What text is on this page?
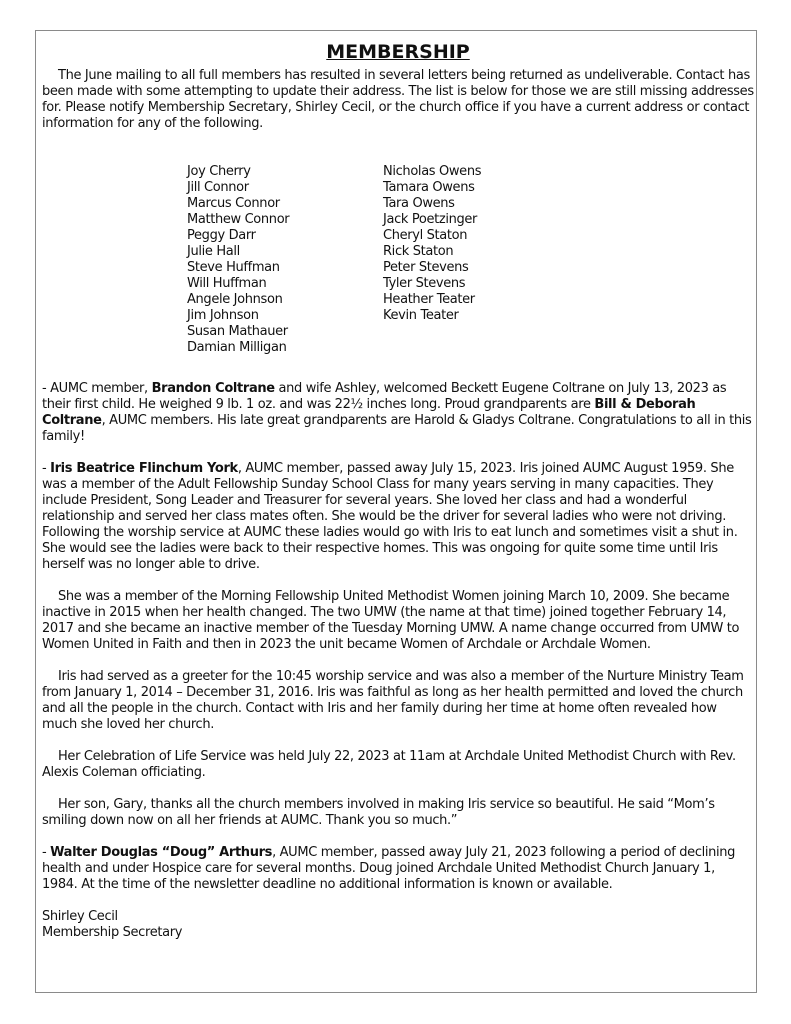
MEMBERSHIP

The June mailing to all full members has resulted in several letters being returned as undeliverable. Contact has been made with some attempting to update their address. The list is below for those we are still missing addresses for. Please notify Membership Secretary, Shirley Cecil, or the church office if you have a current address or contact information for any of the following.

Joy Cherry
Jill Connor
Marcus Connor
Matthew Connor
Peggy Darr
Julie Hall
Steve Huffman
Will Huffman
Angele Johnson
Jim Johnson
Susan Mathauer
Damian Milligan
Nicholas Owens
Tamara Owens
Tara Owens
Jack Poetzinger
Cheryl Staton
Rick Staton
Peter Stevens
Tyler Stevens
Heather Teater
Kevin Teater

- AUMC member, Brandon Coltrane and wife Ashley, welcomed Beckett Eugene Coltrane on July 13, 2023 as their first child. He weighed 9 lb. 1 oz. and was 22½ inches long. Proud grandparents are Bill & Deborah Coltrane, AUMC members. His late great grandparents are Harold & Gladys Coltrane. Congratulations to all in this family!

- Iris Beatrice Flinchum York, AUMC member, passed away July 15, 2023. Iris joined AUMC August 1959. She was a member of the Adult Fellowship Sunday School Class for many years serving in many capacities. They include President, Song Leader and Treasurer for several years. She loved her class and had a wonderful relationship and served her class mates often. She would be the driver for several ladies who were not driving. Following the worship service at AUMC these ladies would go with Iris to eat lunch and sometimes visit a shut in. She would see the ladies were back to their respective homes. This was ongoing for quite some time until Iris herself was no longer able to drive.

She was a member of the Morning Fellowship United Methodist Women joining March 10, 2009. She became inactive in 2015 when her health changed. The two UMW (the name at that time) joined together February 14, 2017 and she became an inactive member of the Tuesday Morning UMW. A name change occurred from UMW to Women United in Faith and then in 2023 the unit became Women of Archdale or Archdale Women.

Iris had served as a greeter for the 10:45 worship service and was also a member of the Nurture Ministry Team from January 1, 2014 – December 31, 2016. Iris was faithful as long as her health permitted and loved the church and all the people in the church. Contact with Iris and her family during her time at home often revealed how much she loved her church.

Her Celebration of Life Service was held July 22, 2023 at 11am at Archdale United Methodist Church with Rev. Alexis Coleman officiating.

Her son, Gary, thanks all the church members involved in making Iris service so beautiful. He said “Mom’s smiling down now on all her friends at AUMC. Thank you so much.”

- Walter Douglas “Doug” Arthurs, AUMC member, passed away July 21, 2023 following a period of declining health and under Hospice care for several months. Doug joined Archdale United Methodist Church January 1, 1984. At the time of the newsletter deadline no additional information is known or available.

Shirley Cecil
Membership Secretary
